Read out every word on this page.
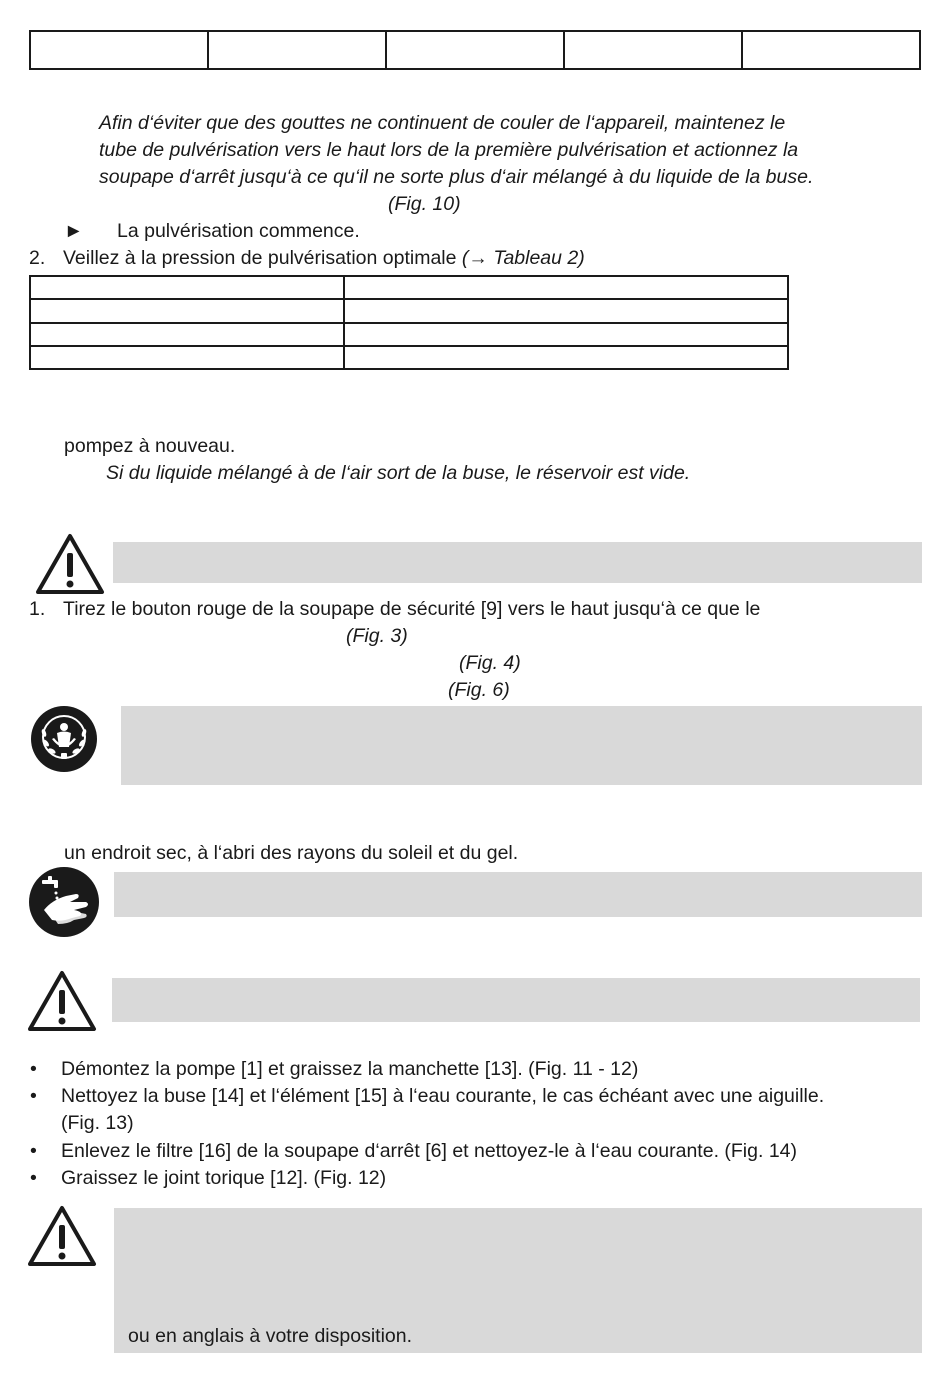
Afin d‘éviter que des gouttes ne continuent de couler de l‘appareil, maintenez le
tube de pulvérisation vers le haut lors de la première pulvérisation et actionnez la
soupape d‘arrêt jusqu‘à ce qu‘il ne sorte plus d‘air mélangé à du liquide de la buse.
(Fig. 10)
► La pulvérisation commence.
2. Veillez à la pression de pulvérisation optimale (→ Tableau 2)

pompez à nouveau.
Si du liquide mélangé à de l‘air sort de la buse, le réservoir est vide.
1. Tirez le bouton rouge de la soupape de sécurité [9] vers le haut jusqu‘à ce que le
(Fig. 3)
(Fig. 4)
(Fig. 6)
un endroit sec, à l‘abri des rayons du soleil et du gel.
• Démontez la pompe [1] et graissez la manchette [13]. (Fig. 11 - 12)
• Nettoyez la buse [14] et l‘élément [15] à l‘eau courante, le cas échéant avec une aiguille.
(Fig. 13)
• Enlevez le filtre [16] de la soupape d‘arrêt [6] et nettoyez-le à l‘eau courante. (Fig. 14)
• Graissez le joint torique [12]. (Fig. 12)
ou en anglais à votre disposition.
